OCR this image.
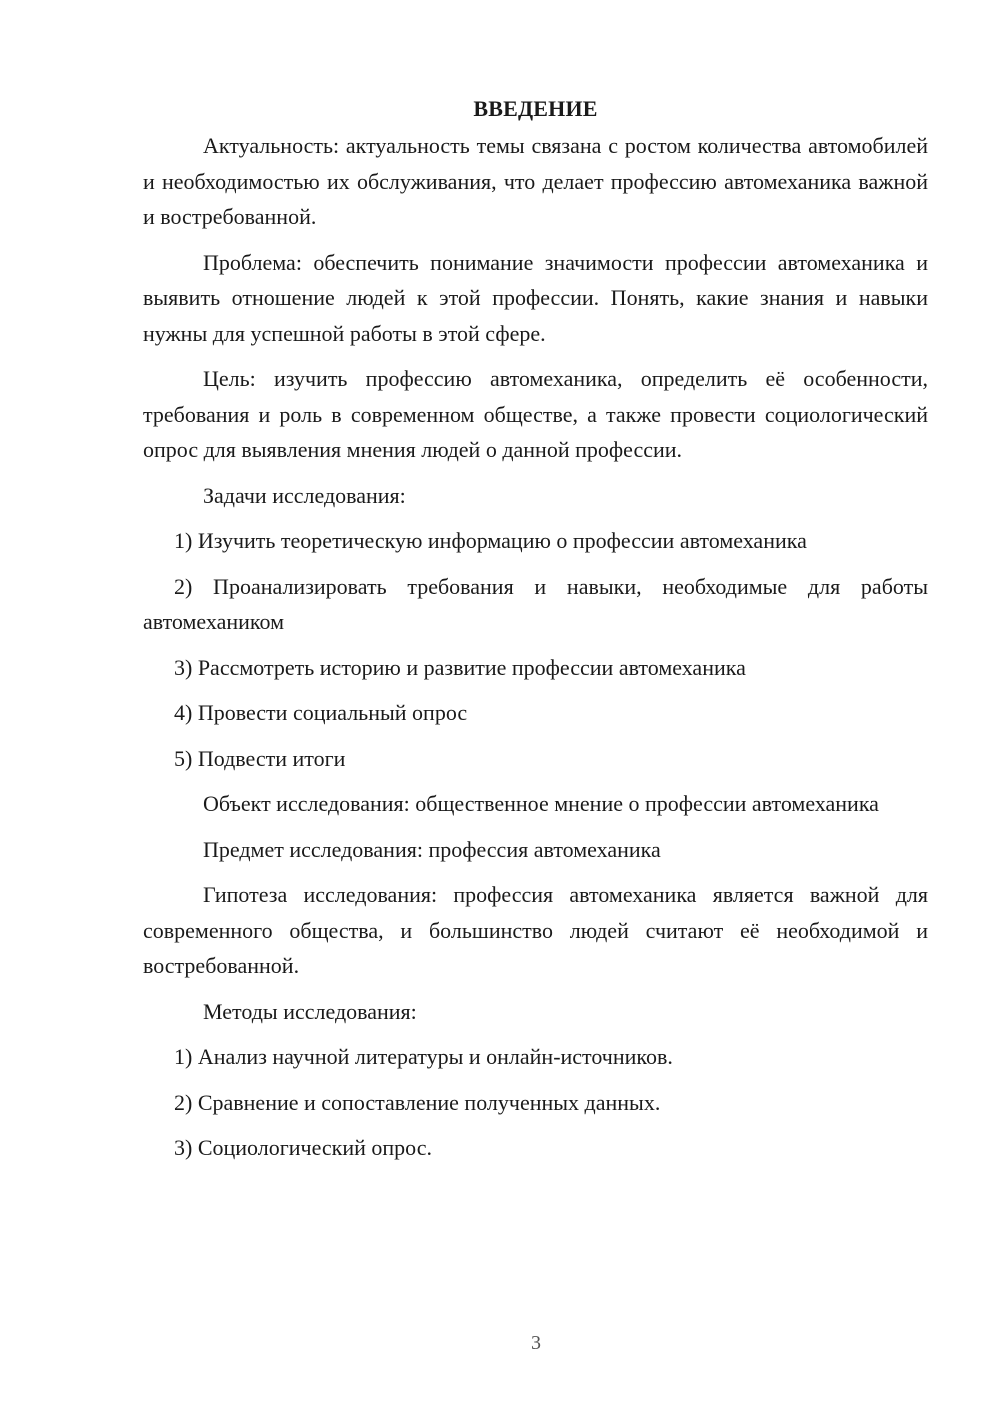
ВВЕДЕНИЕ

Актуальность: актуальность темы связана с ростом количества автомобилей и необходимостью их обслуживания, что делает профессию автомеханика важной и востребованной.

Проблема: обеспечить понимание значимости профессии автомеханика и выявить отношение людей к этой профессии. Понять, какие знания и навыки нужны для успешной работы в этой сфере.

Цель: изучить профессию автомеханика, определить её особенности, требования и роль в современном обществе, а также провести социологический опрос для выявления мнения людей о данной профессии.

Задачи исследования:

1) Изучить теоретическую информацию о профессии автомеханика

2) Проанализировать требования и навыки, необходимые для работы автомехаником

3) Рассмотреть историю и развитие профессии автомеханика

4) Провести социальный опрос

5) Подвести итоги

Объект исследования: общественное мнение о профессии автомеханика

Предмет исследования: профессия автомеханика

Гипотеза исследования: профессия автомеханика является важной для современного общества, и большинство людей считают её необходимой и востребованной.

Методы исследования:

1) Анализ научной литературы и онлайн-источников.

2) Сравнение и сопоставление полученных данных.

3) Социологический опрос.

3
